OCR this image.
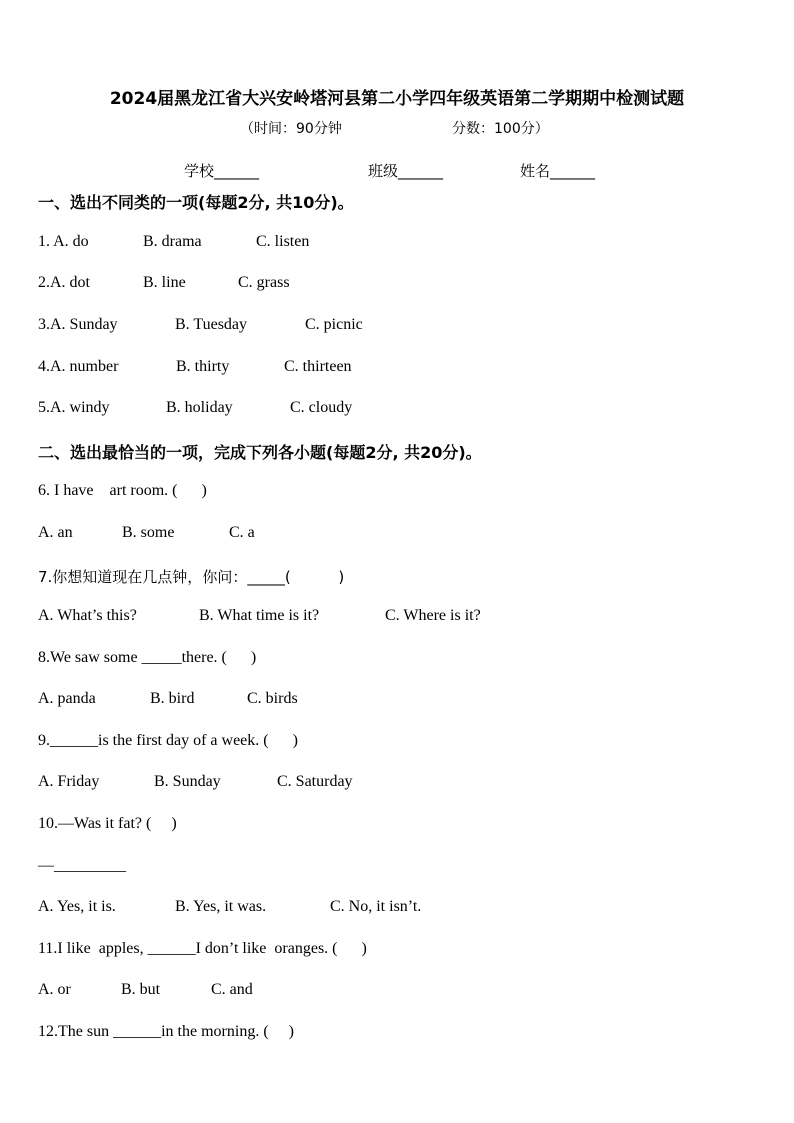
2024届黑龙江省大兴安岭塔河县第二小学四年级英语第二学期期中检测试题
（时间：90分钟	分数：100分）
学校______	班级______	姓名______
一、选出不同类的一项(每题2分, 共10分)。
1. A. do	B. drama	C. listen
2.A. dot	B. line	C. grass
3.A. Sunday	B. Tuesday	C. picnic
4.A. number	B. thirty	C. thirteen
5.A. windy	B. holiday	C. cloudy
二、选出最恰当的一项，完成下列各小题(每题2分, 共20分)。
6. I have    art room. (      )
A. an	B. some	C. a
7.你想知道现在几点钟，你问：_____(          )
A. What’s this?	B. What time is it?	C. Where is it?
8.We saw some _____there. (      )
A. panda	B. bird	C. birds
9.______is the first day of a week. (      )
A. Friday	B. Sunday	C. Saturday
10.—Was it fat? (     )
—_________
A. Yes, it is.	B. Yes, it was.	C. No, it isn’t.
11.I like  apples, ______I don’t like  oranges. (      )
A. or	B. but	C. and
12.The sun ______in the morning. (     )
